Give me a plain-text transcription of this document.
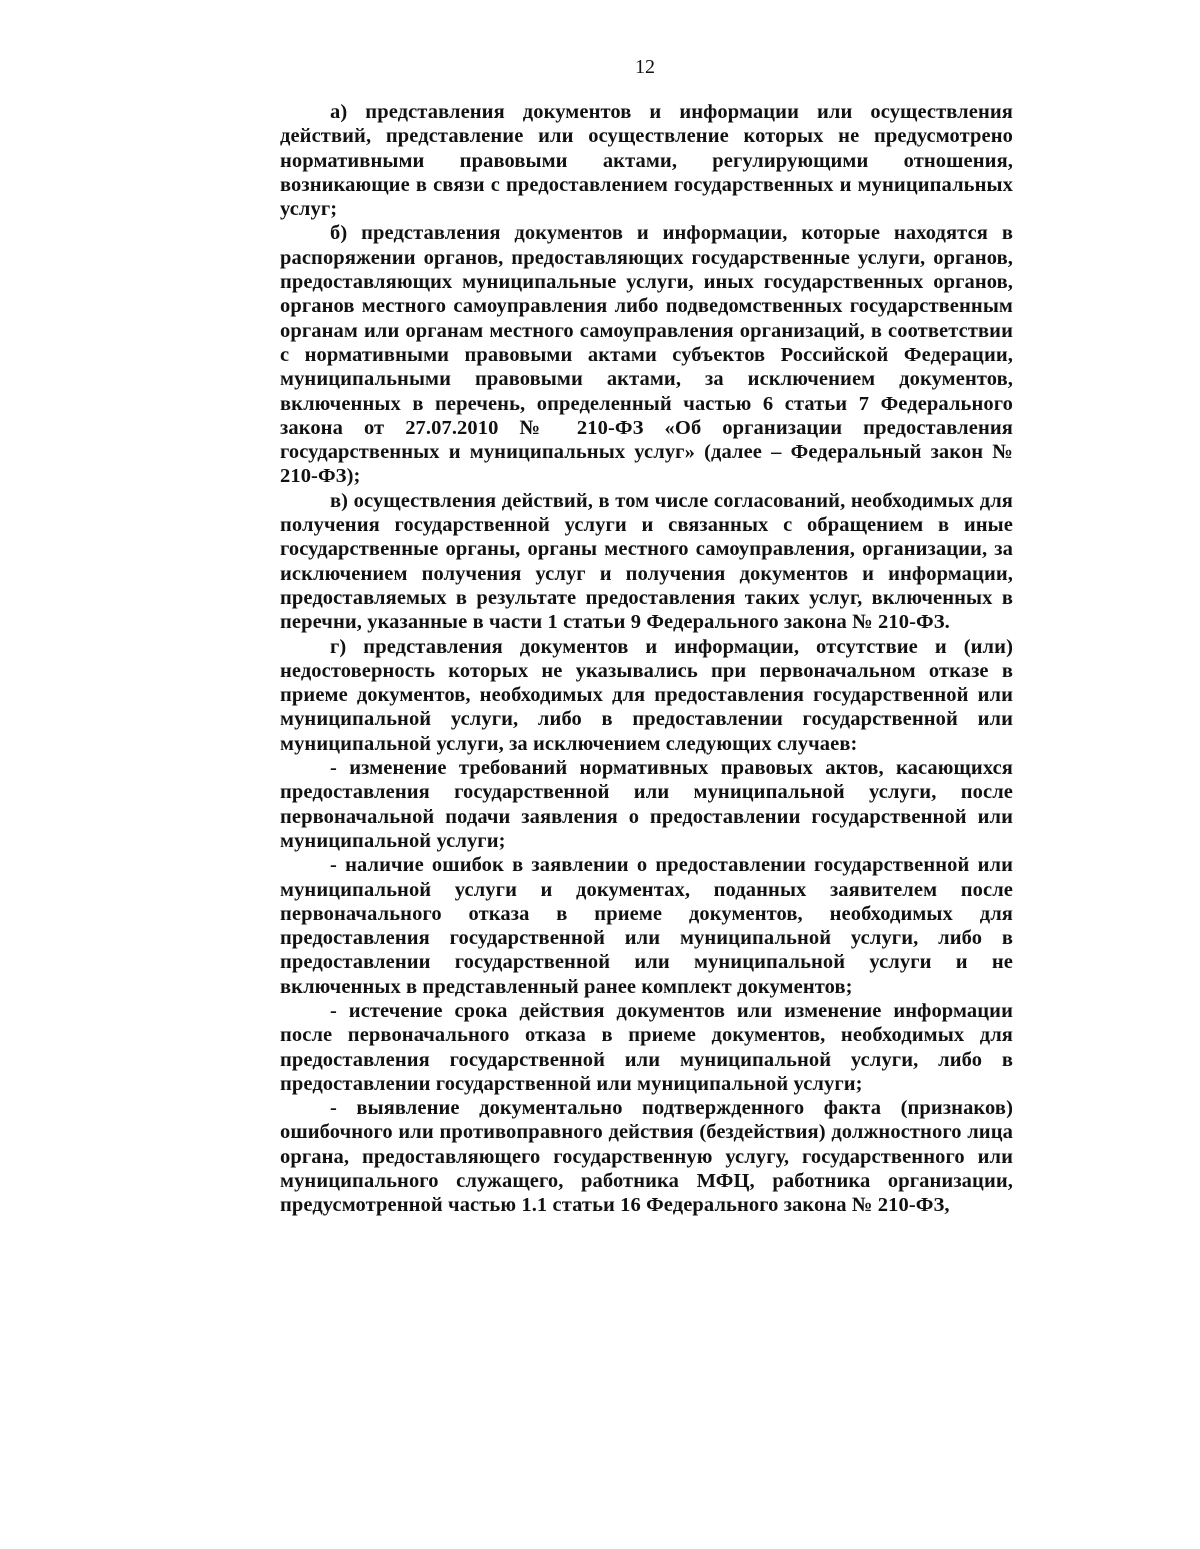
12

а) представления документов и информации или осуществления действий, представление или осуществление которых не предусмотрено нормативными правовыми актами, регулирующими отношения, возникающие в связи с предоставлением государственных и муниципальных услуг;

б) представления документов и информации, которые находятся в распоряжении органов, предоставляющих государственные услуги, органов, предоставляющих муниципальные услуги, иных государственных органов, органов местного самоуправления либо подведомственных государственным органам или органам местного самоуправления организаций, в соответствии с нормативными правовыми актами субъектов Российской Федерации, муниципальными правовыми актами, за исключением документов, включенных в перечень, определенный частью 6 статьи 7 Федерального закона от 27.07.2010 № 210-ФЗ «Об организации предоставления государственных и муниципальных услуг» (далее – Федеральный закон № 210-ФЗ);

в) осуществления действий, в том числе согласований, необходимых для получения государственной услуги и связанных с обращением в иные государственные органы, органы местного самоуправления, организации, за исключением получения услуг и получения документов и информации, предоставляемых в результате предоставления таких услуг, включенных в перечни, указанные в части 1 статьи 9 Федерального закона № 210-ФЗ.

г) представления документов и информации, отсутствие и (или) недостоверность которых не указывались при первоначальном отказе в приеме документов, необходимых для предоставления государственной или муниципальной услуги, либо в предоставлении государственной или муниципальной услуги, за исключением следующих случаев:

- изменение требований нормативных правовых актов, касающихся предоставления государственной или муниципальной услуги, после первоначальной подачи заявления о предоставлении государственной или муниципальной услуги;

- наличие ошибок в заявлении о предоставлении государственной или муниципальной услуги и документах, поданных заявителем после первоначального отказа в приеме документов, необходимых для предоставления государственной или муниципальной услуги, либо в предоставлении государственной или муниципальной услуги и не включенных в представленный ранее комплект документов;

- истечение срока действия документов или изменение информации после первоначального отказа в приеме документов, необходимых для предоставления государственной или муниципальной услуги, либо в предоставлении государственной или муниципальной услуги;

- выявление документально подтвержденного факта (признаков) ошибочного или противоправного действия (бездействия) должностного лица органа, предоставляющего государственную услугу, государственного или муниципального служащего, работника МФЦ, работника организации, предусмотренной частью 1.1 статьи 16 Федерального закона № 210-ФЗ,
